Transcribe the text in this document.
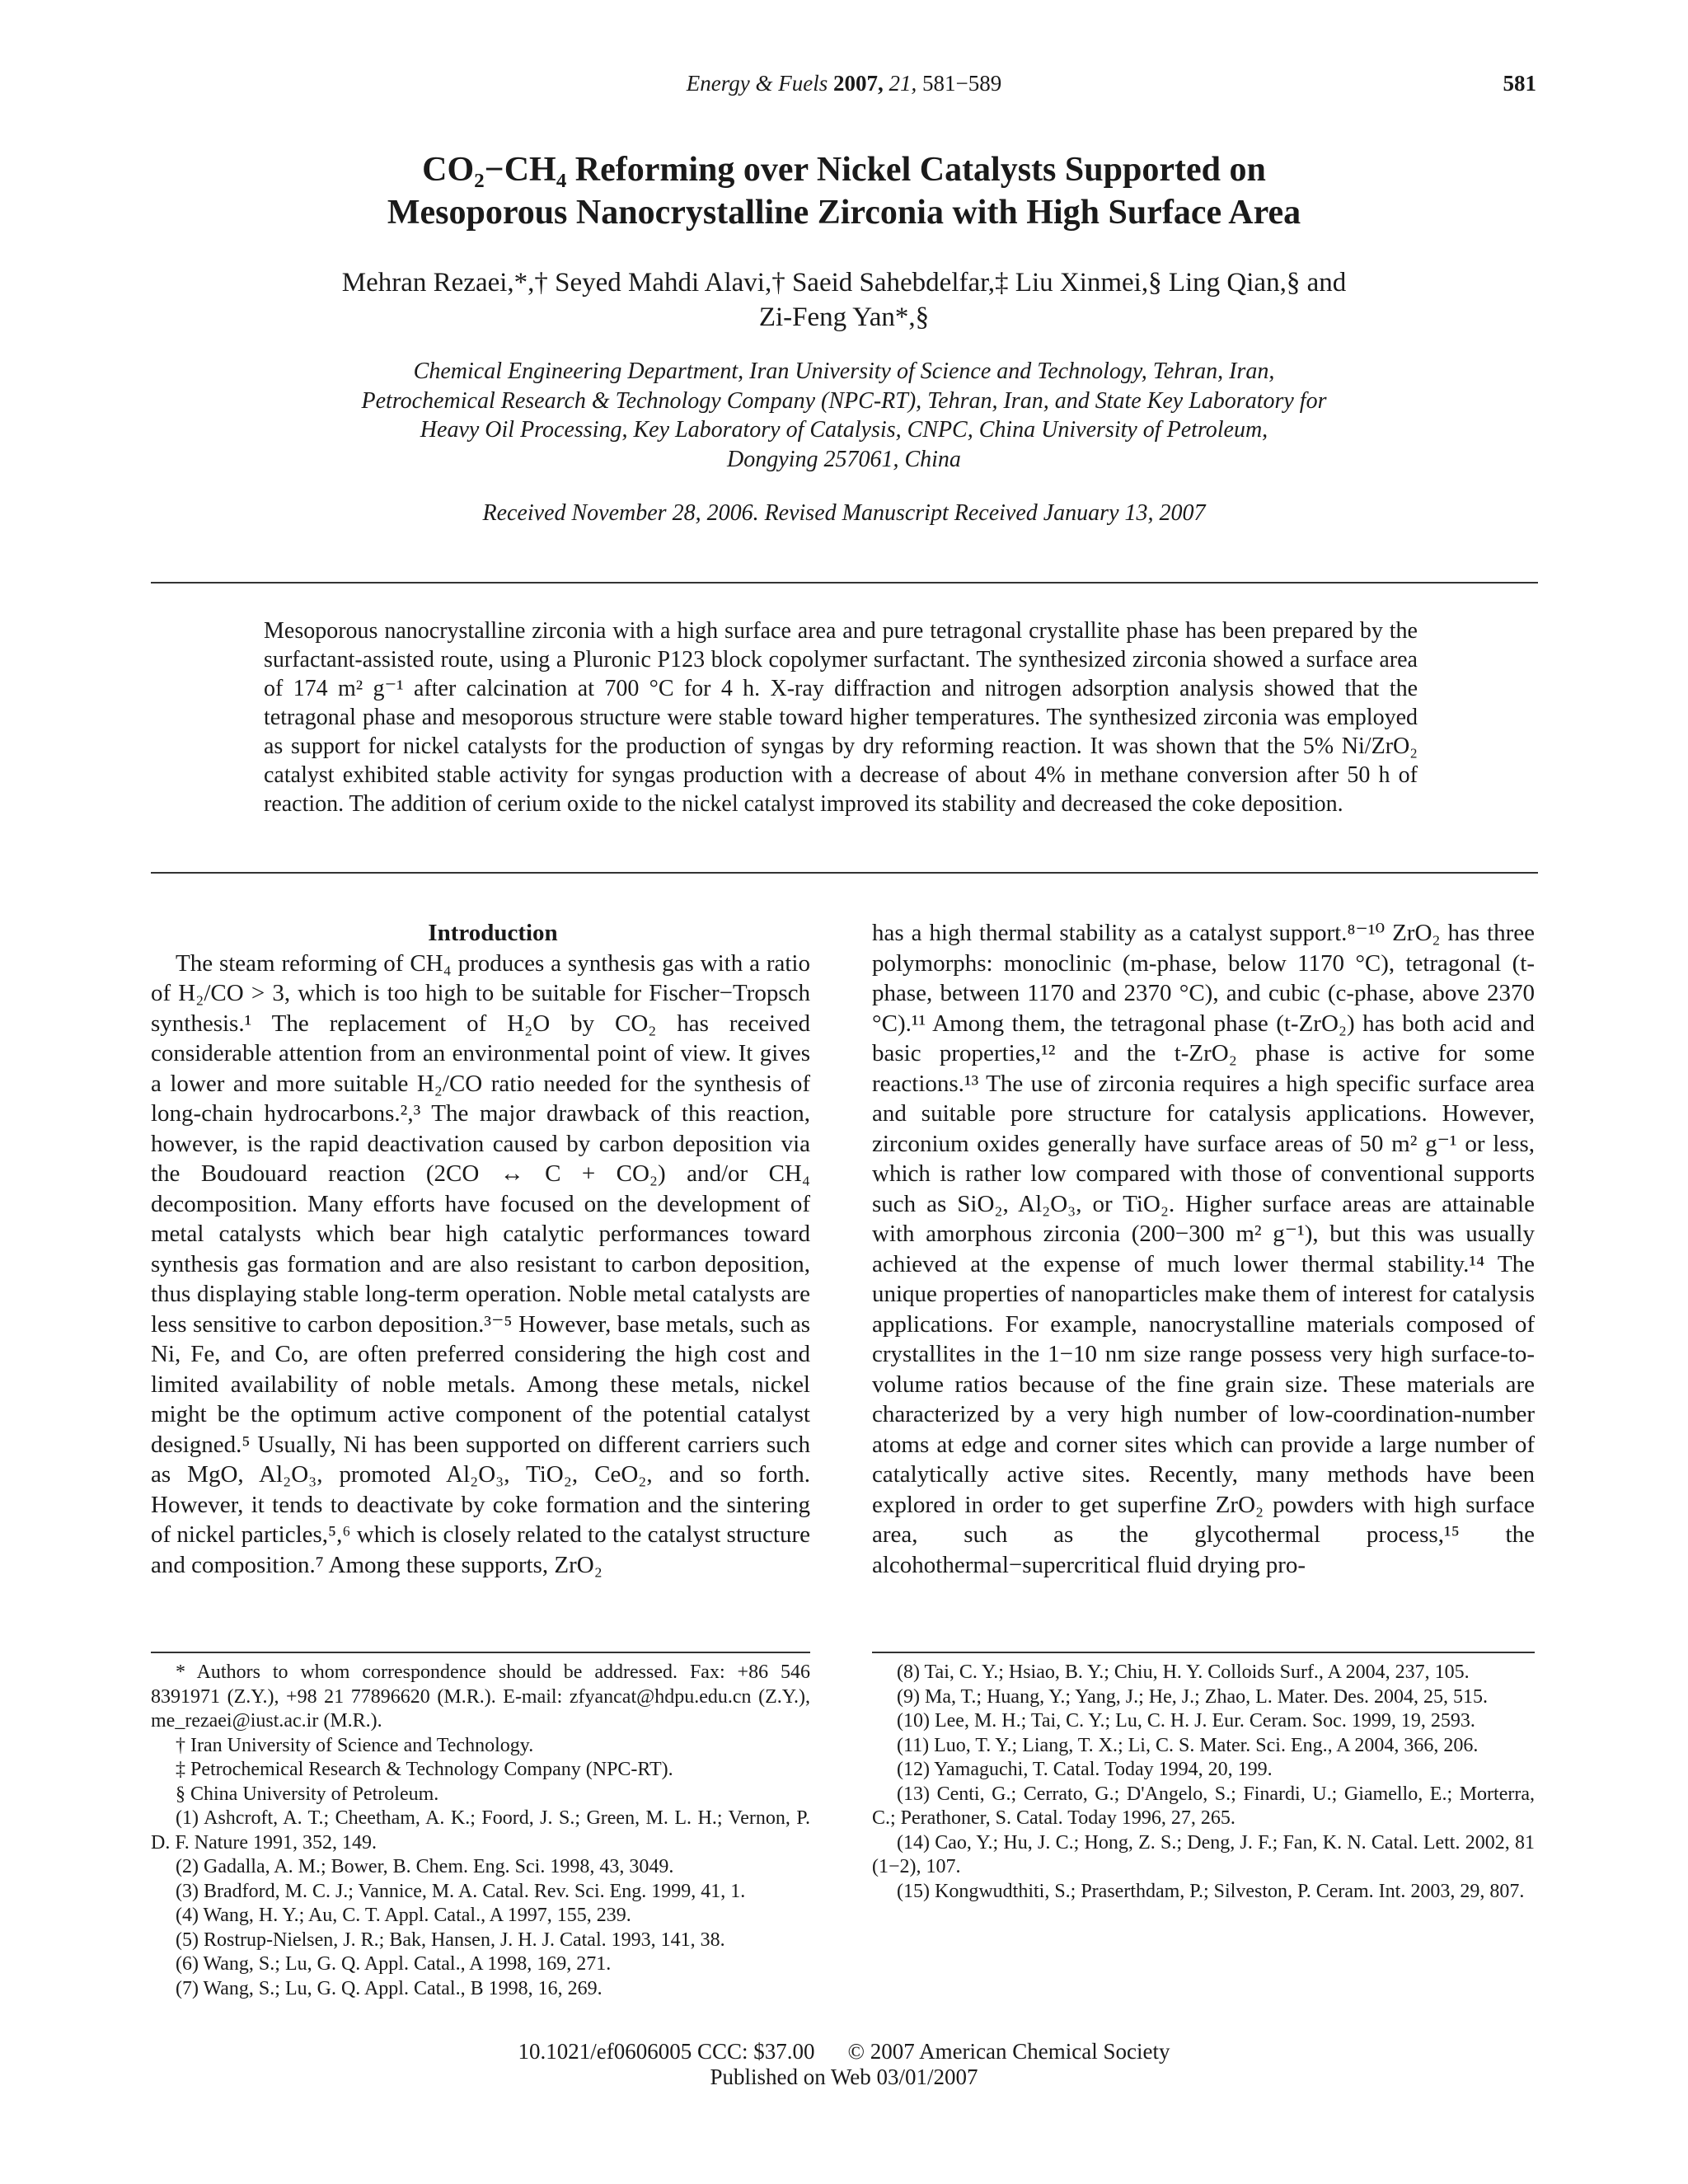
Energy & Fuels 2007, 21, 581−589	581
CO₂−CH₄ Reforming over Nickel Catalysts Supported on
Mesoporous Nanocrystalline Zirconia with High Surface Area
Mehran Rezaei,*,† Seyed Mahdi Alavi,† Saeid Sahebdelfar,‡ Liu Xinmei,§ Ling Qian,§ and
Zi-Feng Yan*,§
Chemical Engineering Department, Iran University of Science and Technology, Tehran, Iran,
Petrochemical Research & Technology Company (NPC-RT), Tehran, Iran, and State Key Laboratory for
Heavy Oil Processing, Key Laboratory of Catalysis, CNPC, China University of Petroleum,
Dongying 257061, China
Received November 28, 2006. Revised Manuscript Received January 13, 2007
Mesoporous nanocrystalline zirconia with a high surface area and pure tetragonal crystallite phase has been prepared by the surfactant-assisted route, using a Pluronic P123 block copolymer surfactant. The synthesized zirconia showed a surface area of 174 m² g⁻¹ after calcination at 700 °C for 4 h. X-ray diffraction and nitrogen adsorption analysis showed that the tetragonal phase and mesoporous structure were stable toward higher temperatures. The synthesized zirconia was employed as support for nickel catalysts for the production of syngas by dry reforming reaction. It was shown that the 5% Ni/ZrO₂ catalyst exhibited stable activity for syngas production with a decrease of about 4% in methane conversion after 50 h of reaction. The addition of cerium oxide to the nickel catalyst improved its stability and decreased the coke deposition.

Introduction

The steam reforming of CH₄ produces a synthesis gas with a ratio of H₂/CO > 3, which is too high to be suitable for Fischer−Tropsch synthesis.¹ The replacement of H₂O by CO₂ has received considerable attention from an environmental point of view. It gives a lower and more suitable H₂/CO ratio needed for the synthesis of long-chain hydrocarbons.²,³ The major drawback of this reaction, however, is the rapid deactivation caused by carbon deposition via the Boudouard reaction (2CO ↔ C + CO₂) and/or CH₄ decomposition. Many efforts have focused on the development of metal catalysts which bear high catalytic performances toward synthesis gas formation and are also resistant to carbon deposition, thus displaying stable long-term operation. Noble metal catalysts are less sensitive to carbon deposition.³⁻⁵ However, base metals, such as Ni, Fe, and Co, are often preferred considering the high cost and limited availability of noble metals. Among these metals, nickel might be the optimum active component of the potential catalyst designed.⁵ Usually, Ni has been supported on different carriers such as MgO, Al₂O₃, promoted Al₂O₃, TiO₂, CeO₂, and so forth. However, it tends to deactivate by coke formation and the sintering of nickel particles,⁵,⁶ which is closely related to the catalyst structure and composition.⁷ Among these supports, ZrO₂

has a high thermal stability as a catalyst support.⁸⁻¹⁰ ZrO₂ has three polymorphs: monoclinic (m-phase, below 1170 °C), tetragonal (t-phase, between 1170 and 2370 °C), and cubic (c-phase, above 2370 °C).¹¹ Among them, the tetragonal phase (t-ZrO₂) has both acid and basic properties,¹² and the t-ZrO₂ phase is active for some reactions.¹³ The use of zirconia requires a high specific surface area and suitable pore structure for catalysis applications. However, zirconium oxides generally have surface areas of 50 m² g⁻¹ or less, which is rather low compared with those of conventional supports such as SiO₂, Al₂O₃, or TiO₂. Higher surface areas are attainable with amorphous zirconia (200−300 m² g⁻¹), but this was usually achieved at the expense of much lower thermal stability.¹⁴ The unique properties of nanoparticles make them of interest for catalysis applications. For example, nanocrystalline materials composed of crystallites in the 1−10 nm size range possess very high surface-to-volume ratios because of the fine grain size. These materials are characterized by a very high number of low-coordination-number atoms at edge and corner sites which can provide a large number of catalytically active sites. Recently, many methods have been explored in order to get superfine ZrO₂ powders with high surface area, such as the glycothermal process,¹⁵ the alcohothermal−supercritical fluid drying pro-

* Authors to whom correspondence should be addressed. Fax: +86 546 8391971 (Z.Y.), +98 21 77896620 (M.R.). E-mail: zfyancat@hdpu.edu.cn (Z.Y.), me_rezaei@iust.ac.ir (M.R.).
† Iran University of Science and Technology.
‡ Petrochemical Research & Technology Company (NPC-RT).
§ China University of Petroleum.
(1) Ashcroft, A. T.; Cheetham, A. K.; Foord, J. S.; Green, M. L. H.; Vernon, P. D. F. Nature 1991, 352, 149.
(2) Gadalla, A. M.; Bower, B. Chem. Eng. Sci. 1998, 43, 3049.
(3) Bradford, M. C. J.; Vannice, M. A. Catal. Rev. Sci. Eng. 1999, 41, 1.
(4) Wang, H. Y.; Au, C. T. Appl. Catal., A 1997, 155, 239.
(5) Rostrup-Nielsen, J. R.; Bak, Hansen, J. H. J. Catal. 1993, 141, 38.
(6) Wang, S.; Lu, G. Q. Appl. Catal., A 1998, 169, 271.
(7) Wang, S.; Lu, G. Q. Appl. Catal., B 1998, 16, 269.
(8) Tai, C. Y.; Hsiao, B. Y.; Chiu, H. Y. Colloids Surf., A 2004, 237, 105.
(9) Ma, T.; Huang, Y.; Yang, J.; He, J.; Zhao, L. Mater. Des. 2004, 25, 515.
(10) Lee, M. H.; Tai, C. Y.; Lu, C. H. J. Eur. Ceram. Soc. 1999, 19, 2593.
(11) Luo, T. Y.; Liang, T. X.; Li, C. S. Mater. Sci. Eng., A 2004, 366, 206.
(12) Yamaguchi, T. Catal. Today 1994, 20, 199.
(13) Centi, G.; Cerrato, G.; D'Angelo, S.; Finardi, U.; Giamello, E.; Morterra, C.; Perathoner, S. Catal. Today 1996, 27, 265.
(14) Cao, Y.; Hu, J. C.; Hong, Z. S.; Deng, J. F.; Fan, K. N. Catal. Lett. 2002, 81 (1−2), 107.
(15) Kongwudthiti, S.; Praserthdam, P.; Silveston, P. Ceram. Int. 2003, 29, 807.
10.1021/ef0606005 CCC: $37.00 © 2007 American Chemical Society
Published on Web 03/01/2007
